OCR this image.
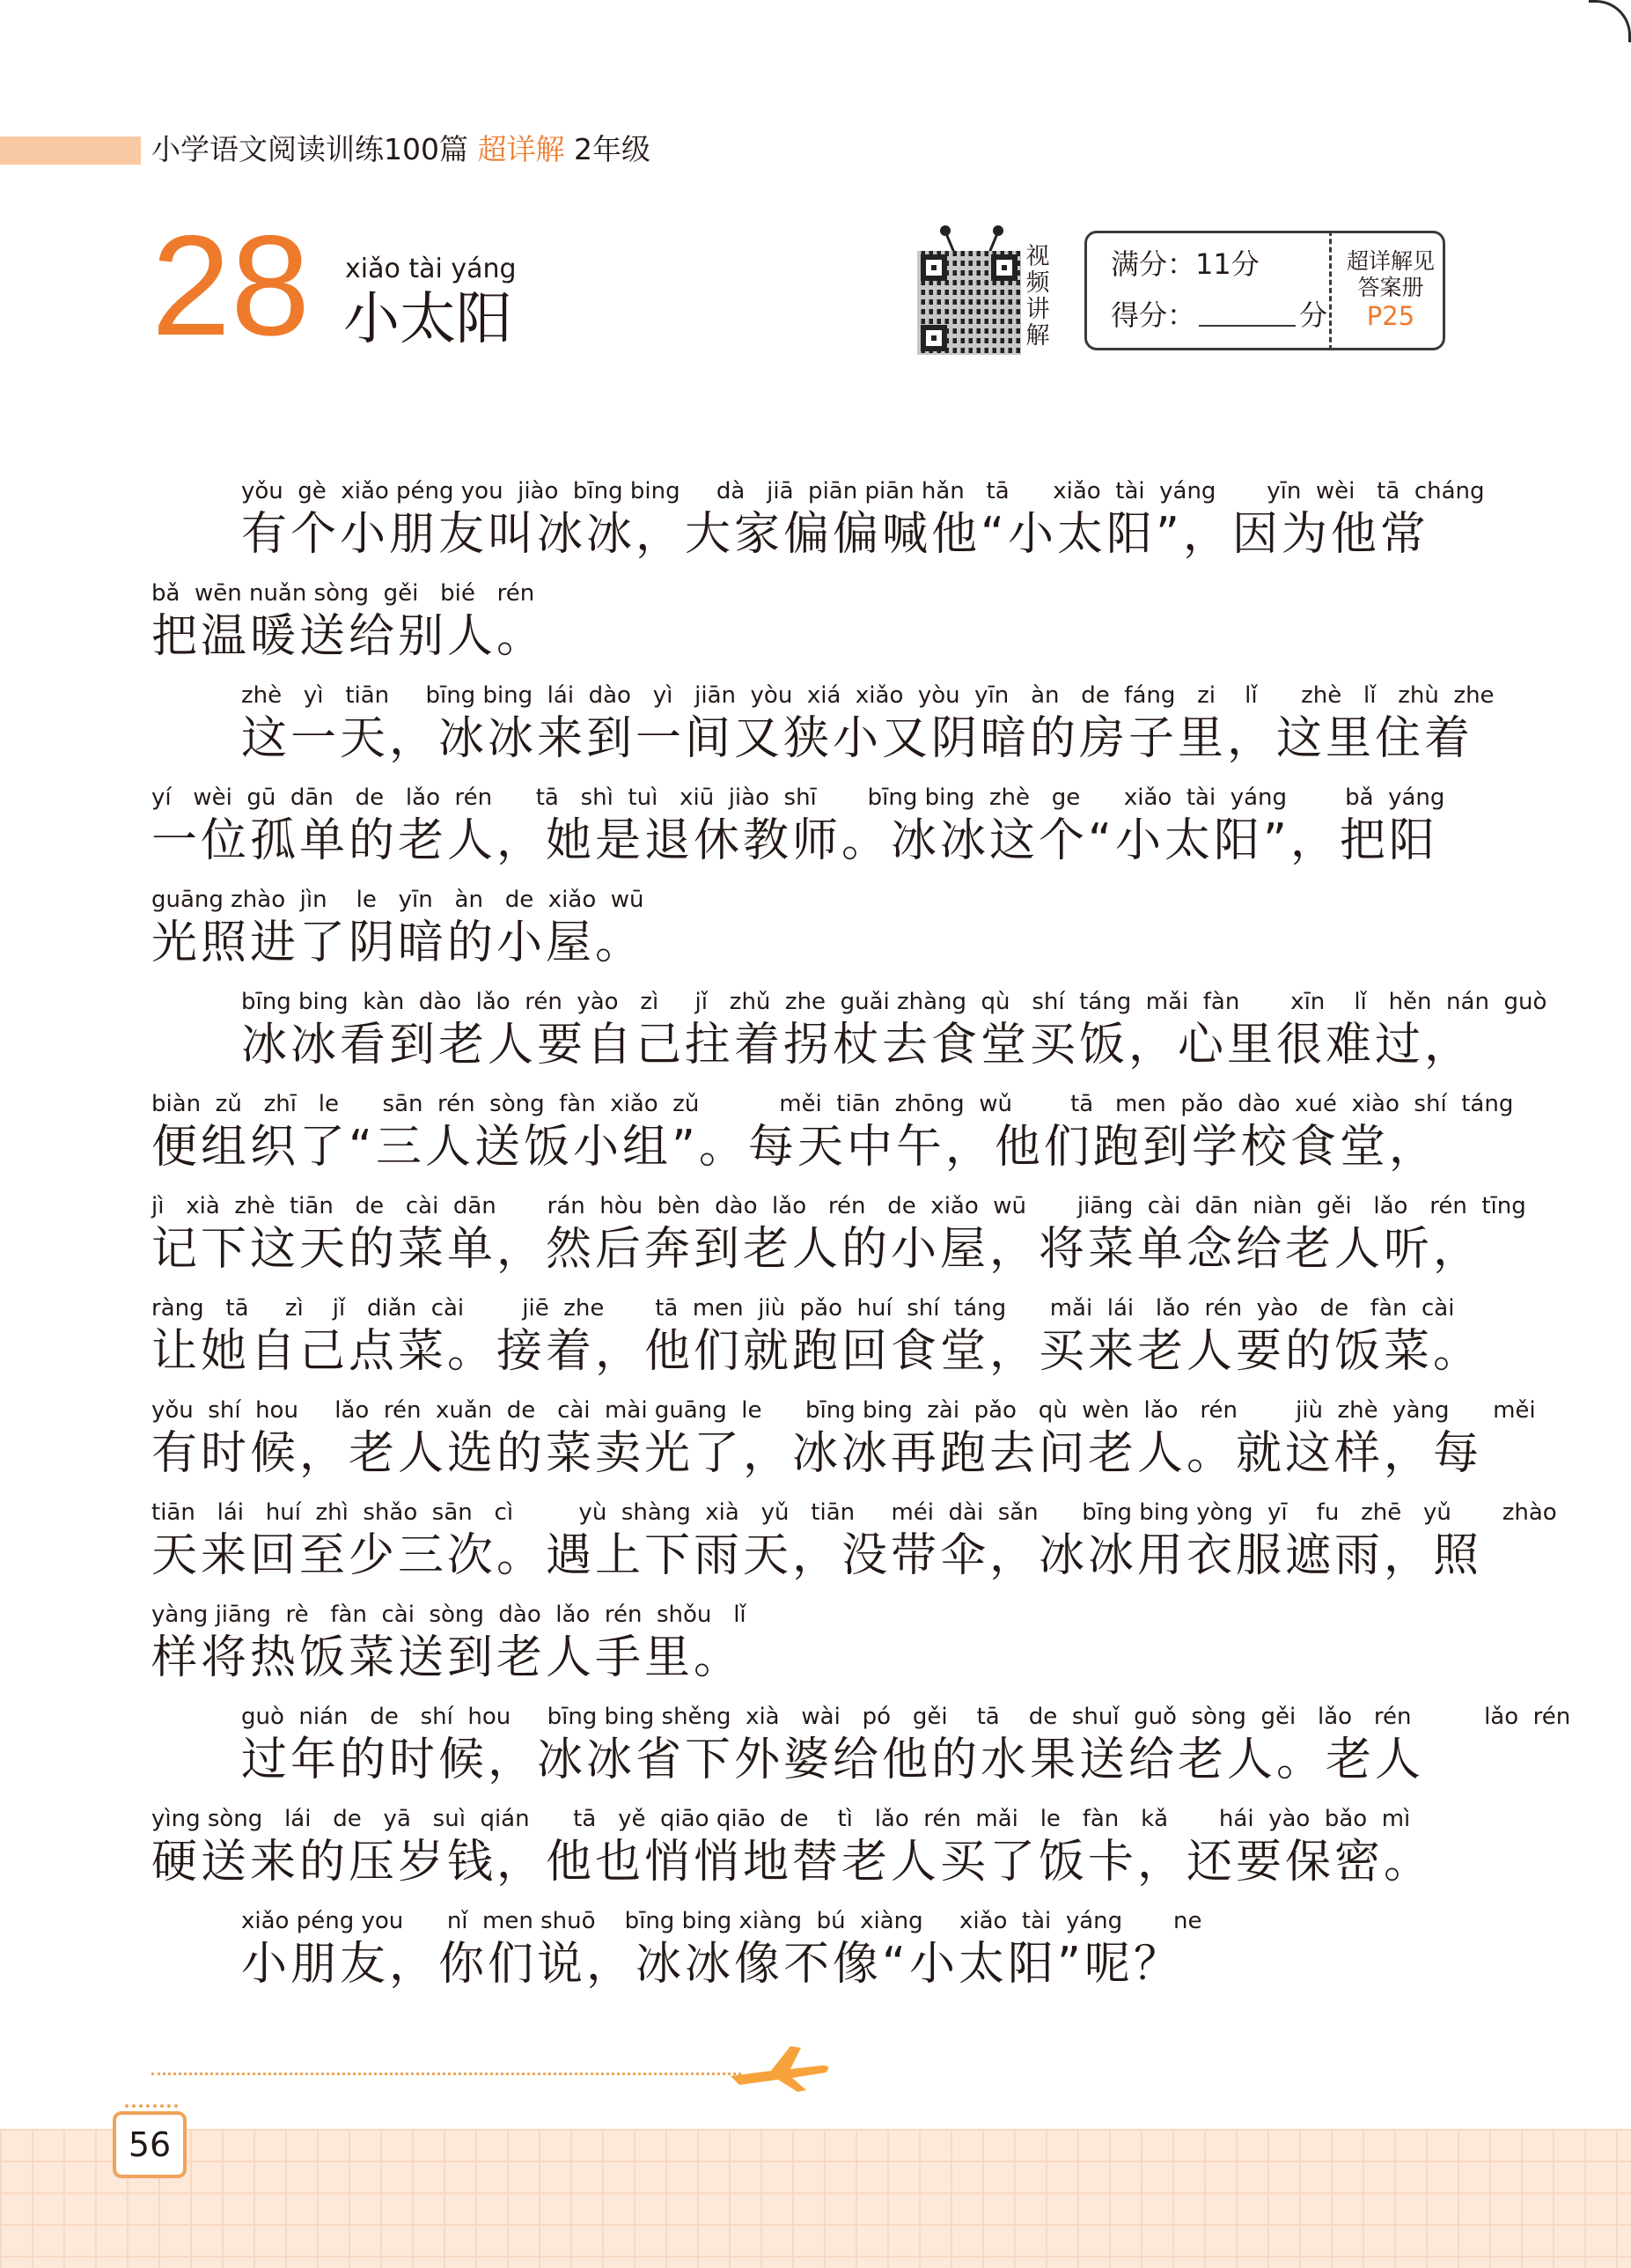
小学语文阅读训练100篇 超详解 2年级
28 xiǎo tài yáng
小太阳
视频讲解
满分：11分
得分：	分
超详解见答案册
P25
yǒu  gè  xiǎo péng you  jiào  bīng bing     dà   jiā  piān piān hǎn   tā      xiǎo  tài  yáng       yīn  wèi   tā  cháng
有个小朋友叫冰冰，大家偏偏喊他“小太阳”，因为他常
bǎ  wēn nuǎn sòng  gěi   bié   rén
把温暖送给别人。
zhè   yì   tiān     bīng bing  lái  dào   yì   jiān  yòu  xiá  xiǎo  yòu  yīn   àn   de  fáng   zi    lǐ      zhè   lǐ   zhù  zhe
这一天，冰冰来到一间又狭小又阴暗的房子里，这里住着
yí   wèi  gū  dān   de   lǎo  rén      tā   shì  tuì   xiū  jiào  shī       bīng bing  zhè   ge      xiǎo  tài  yáng        bǎ  yáng
一位孤单的老人，她是退休教师。冰冰这个“小太阳”，把阳
guāng zhào  jìn    le   yīn   àn   de  xiǎo  wū
光照进了阴暗的小屋。
bīng bing  kàn  dào  lǎo  rén  yào   zì     jǐ   zhǔ  zhe  guǎi zhàng  qù   shí  táng  mǎi  fàn       xīn    lǐ   hěn  nán  guò
冰冰看到老人要自己拄着拐杖去食堂买饭，心里很难过，
biàn  zǔ   zhī   le      sān  rén  sòng  fàn  xiǎo  zǔ           měi  tiān  zhōng  wǔ        tā   men  pǎo  dào  xué  xiào  shí  táng
便组织了“三人送饭小组”。每天中午，他们跑到学校食堂，
jì   xià  zhè  tiān   de   cài  dān       rán  hòu  bèn  dào  lǎo   rén   de  xiǎo  wū       jiāng  cài  dān  niàn  gěi   lǎo   rén  tīng
记下这天的菜单，然后奔到老人的小屋，将菜单念给老人听，
ràng   tā     zì    jǐ   diǎn  cài        jiē  zhe       tā  men  jiù  pǎo  huí  shí  táng      mǎi  lái   lǎo  rén  yào   de   fàn  cài
让她自己点菜。接着，他们就跑回食堂，买来老人要的饭菜。
yǒu  shí  hou     lǎo  rén  xuǎn  de   cài  mài guāng  le      bīng bing  zài  pǎo   qù  wèn  lǎo   rén        jiù  zhè  yàng      měi
有时候，老人选的菜卖光了，冰冰再跑去问老人。就这样，每
tiān   lái   huí  zhì  shǎo  sān   cì         yù  shàng  xià   yǔ   tiān     méi  dài  sǎn      bīng bing yòng  yī    fu   zhē   yǔ       zhào
天来回至少三次。遇上下雨天，没带伞，冰冰用衣服遮雨，照
yàng jiāng  rè   fàn  cài  sòng  dào  lǎo  rén  shǒu   lǐ
样将热饭菜送到老人手里。
guò  nián   de   shí  hou     bīng bing shěng  xià   wài   pó   gěi    tā    de  shuǐ  guǒ  sòng  gěi   lǎo   rén          lǎo  rén
过年的时候，冰冰省下外婆给他的水果送给老人。老人
yìng sòng   lái   de   yā   suì  qián      tā   yě  qiāo qiāo  de    tì   lǎo  rén  mǎi   le   fàn   kǎ       hái  yào  bǎo  mì
硬送来的压岁钱，他也悄悄地替老人买了饭卡，还要保密。
xiǎo péng you      nǐ  men shuō    bīng bing xiàng  bú  xiàng     xiǎo  tài  yáng       ne
小朋友，你们说，冰冰像不像“小太阳”呢？
56
